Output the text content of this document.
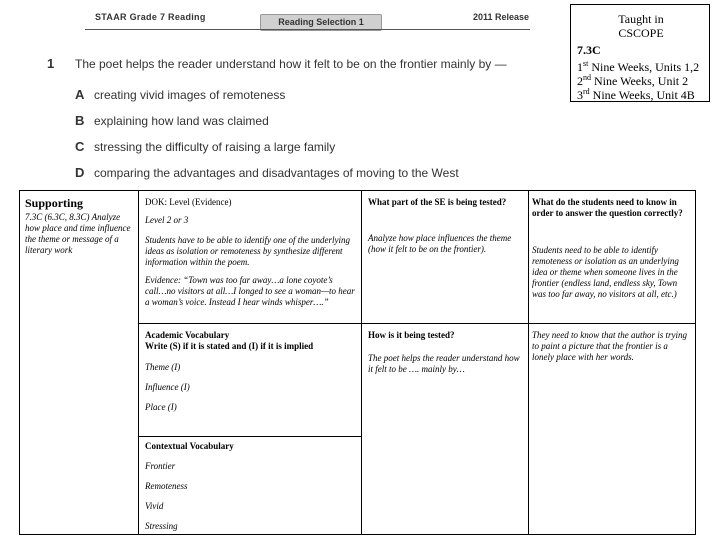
STAAR Grade 7 Reading	Reading Selection 1	2011 Release
1 The poet helps the reader understand how it felt to be on the frontier mainly by —
A creating vivid images of remoteness
B explaining how land was claimed
C stressing the difficulty of raising a large family
D comparing the advantages and disadvantages of moving to the West
Taught in
CSCOPE
7.3C
1st Nine Weeks, Units 1,2
2nd Nine Weeks, Unit 2
3rd Nine Weeks, Unit 4B
Supporting
7.3C (6.3C, 8.3C) Analyze how place and time influence the theme or message of a literary work
DOK: Level (Evidence)
Level 2 or 3
Students have to be able to identify one of the underlying ideas as isolation or remoteness by synthesize different information within the poem.
Evidence: “Town was too far away…a lone coyote’s call…no visitors at all…I longed to see a woman—to hear a woman’s voice. Instead I hear winds whisper….”
Academic Vocabulary
Write (S) if it is stated and (I) if it is implied
Theme (I)
Influence (I)
Place (I)
Contextual Vocabulary
Frontier
Remoteness
Vivid
Stressing
What part of the SE is being tested?
Analyze how place influences the theme (how it felt to be on the frontier).
How is it being tested?
The poet helps the reader understand how it felt to be …. mainly by…
What do the students need to know in order to answer the question correctly?
Students need to be able to identify remoteness or isolation as an underlying idea or theme when someone lives in the frontier (endless land, endless sky, Town was too far away, no visitors at all, etc.)
They need to know that the author is trying to paint a picture that the frontier is a lonely place with her words.
